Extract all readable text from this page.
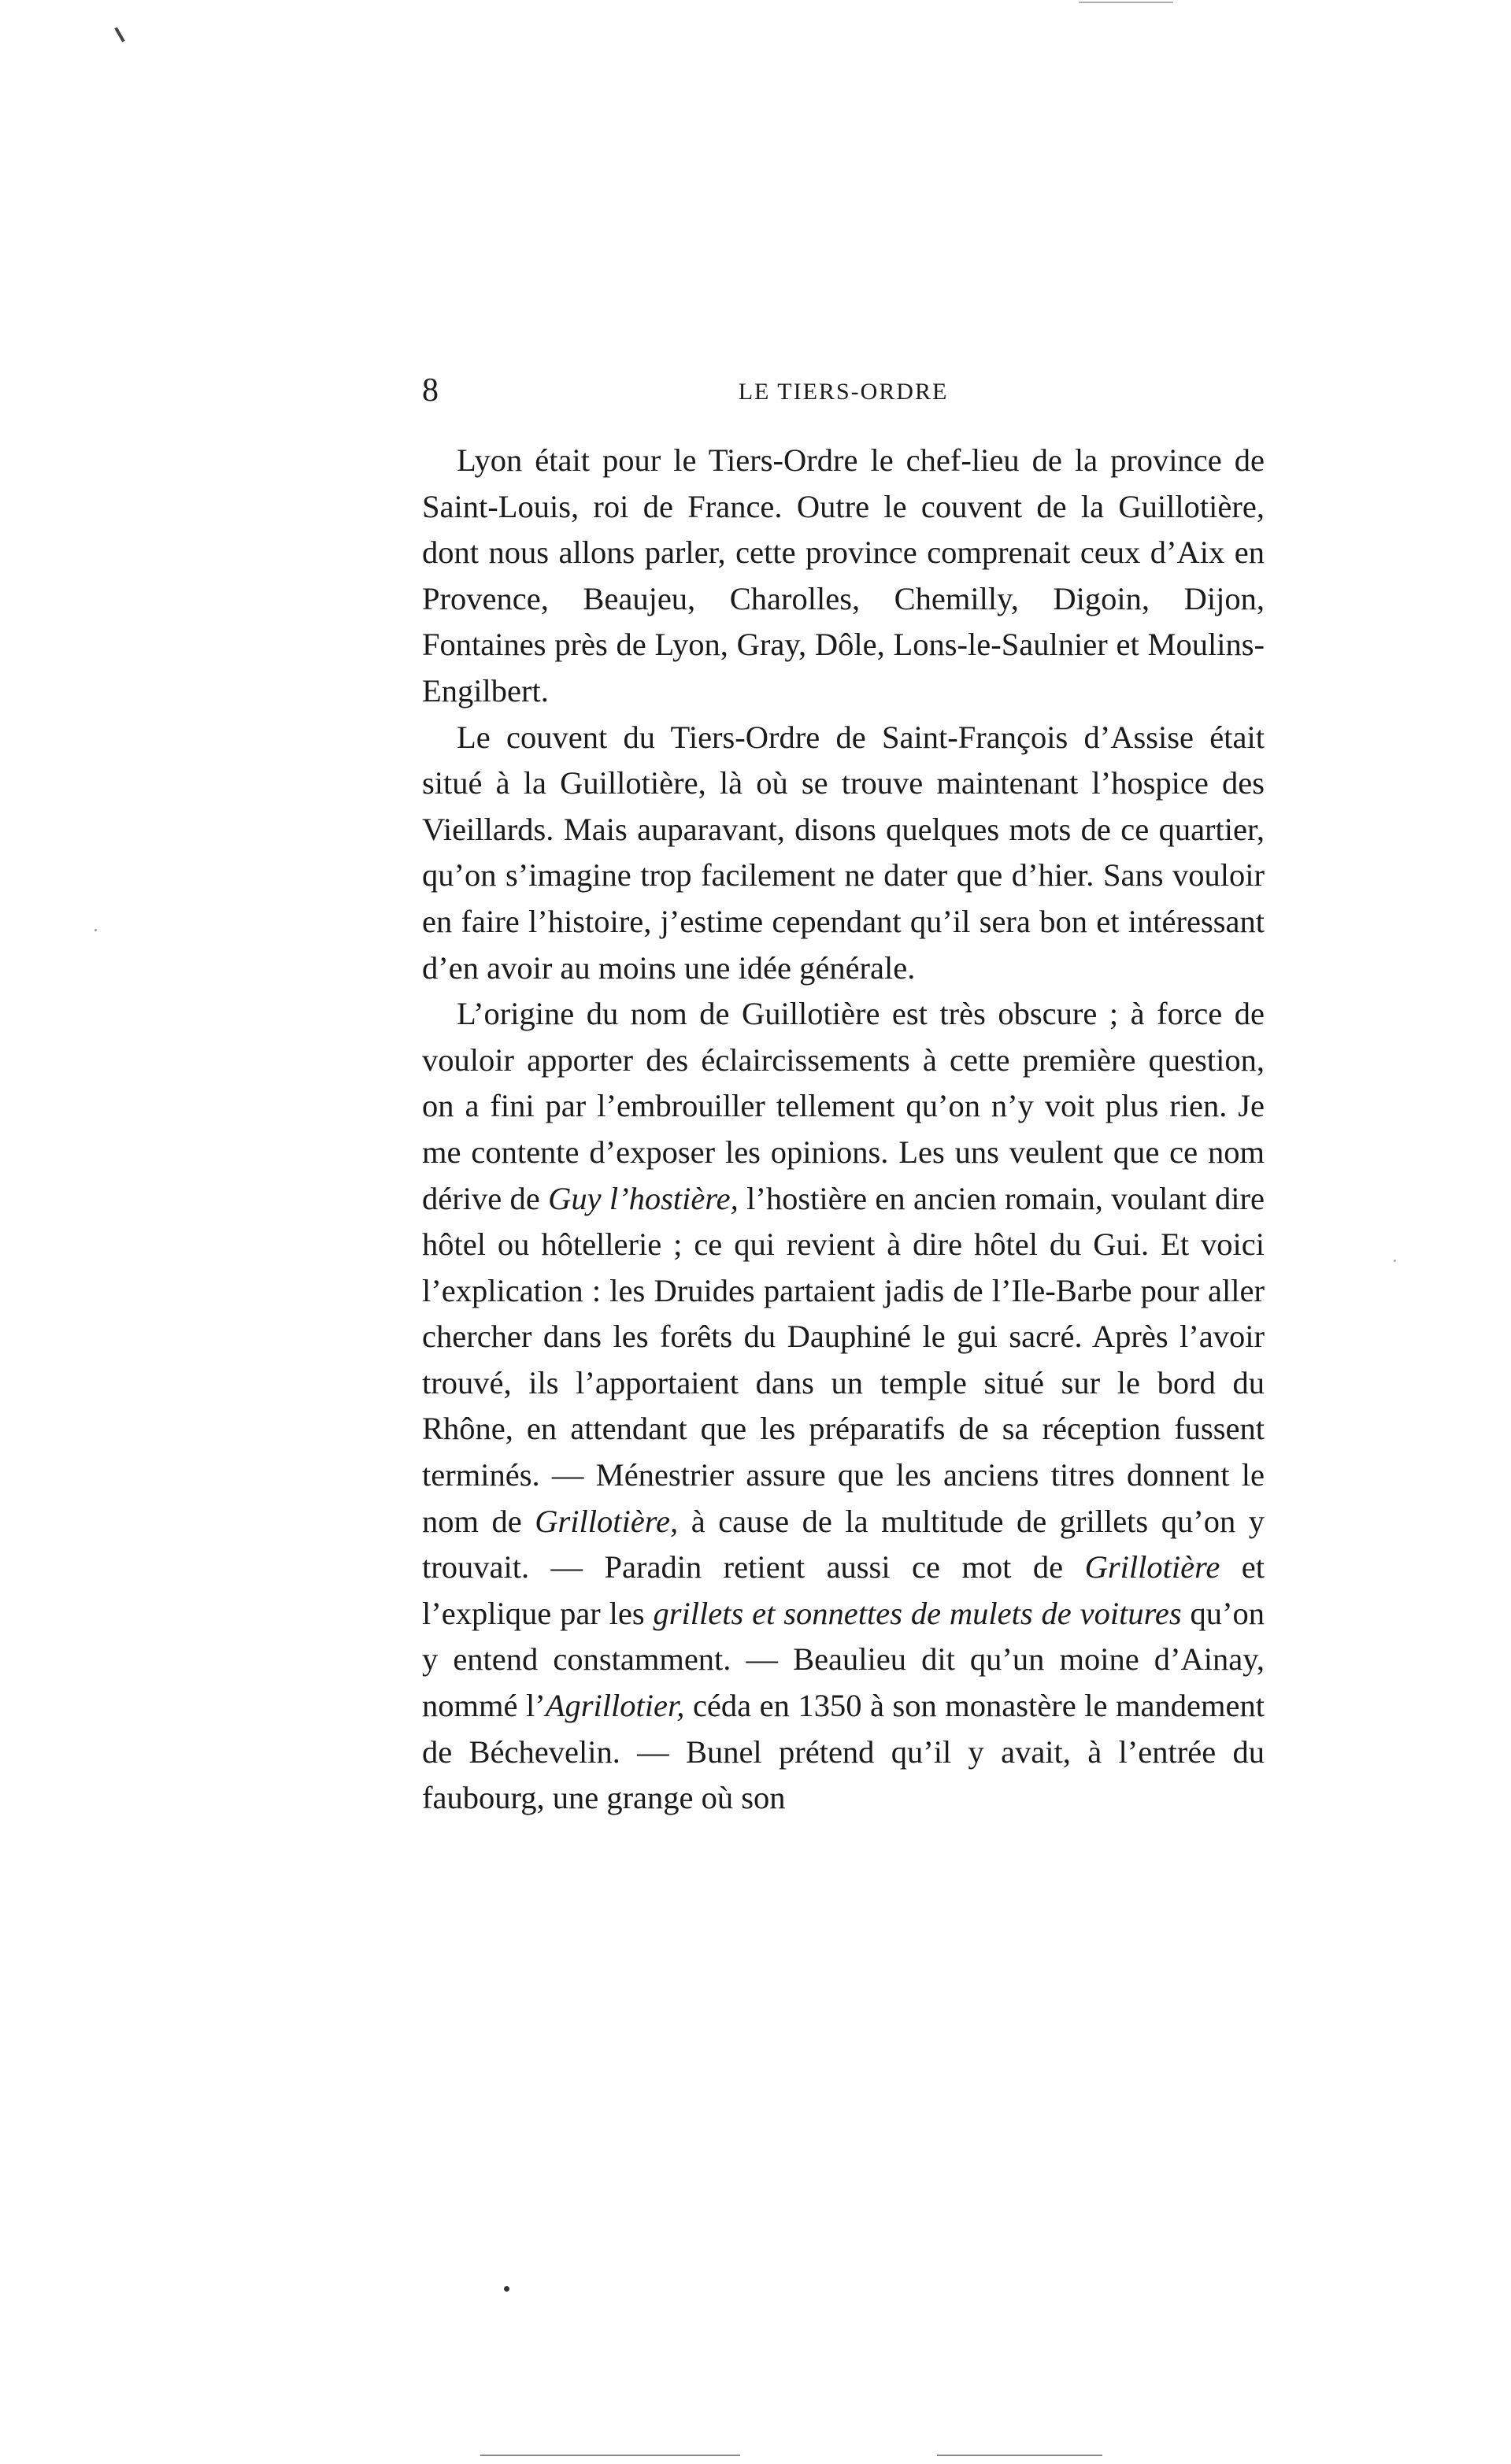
8	LE TIERS-ORDRE

Lyon était pour le Tiers-Ordre le chef-lieu de la province de Saint-Louis, roi de France. Outre le couvent de la Guillotière, dont nous allons parler, cette province comprenait ceux d’Aix en Provence, Beaujeu, Charolles, Chemilly, Digoin, Dijon, Fontaines près de Lyon, Gray, Dôle, Lons-le-Saulnier et Moulins-Engilbert.

Le couvent du Tiers-Ordre de Saint-François d’Assise était situé à la Guillotière, là où se trouve maintenant l’hospice des Vieillards. Mais auparavant, disons quelques mots de ce quartier, qu’on s’imagine trop facilement ne dater que d’hier. Sans vouloir en faire l’histoire, j’estime cependant qu’il sera bon et intéressant d’en avoir au moins une idée générale.

L’origine du nom de Guillotière est très obscure ; à force de vouloir apporter des éclaircissements à cette première question, on a fini par l’embrouiller tellement qu’on n’y voit plus rien. Je me contente d’exposer les opinions. Les uns veulent que ce nom dérive de Guy l’hostière, l’hostière en ancien romain, voulant dire hôtel ou hôtellerie ; ce qui revient à dire hôtel du Gui. Et voici l’explication : les Druides partaient jadis de l’Ile-Barbe pour aller chercher dans les forêts du Dauphiné le gui sacré. Après l’avoir trouvé, ils l’apportaient dans un temple situé sur le bord du Rhône, en attendant que les préparatifs de sa réception fussent terminés. — Ménestrier assure que les anciens titres donnent le nom de Grillotière, à cause de la multitude de grillets qu’on y trouvait. — Paradin retient aussi ce mot de Grillotière et l’explique par les grillets et sonnettes de mulets de voitures qu’on y entend constamment. — Beaulieu dit qu’un moine d’Ainay, nommé l’Agrillotier, céda en 1350 à son monastère le mandement de Béchevelin. — Bunel prétend qu’il y avait, à l’entrée du faubourg, une grange où son
